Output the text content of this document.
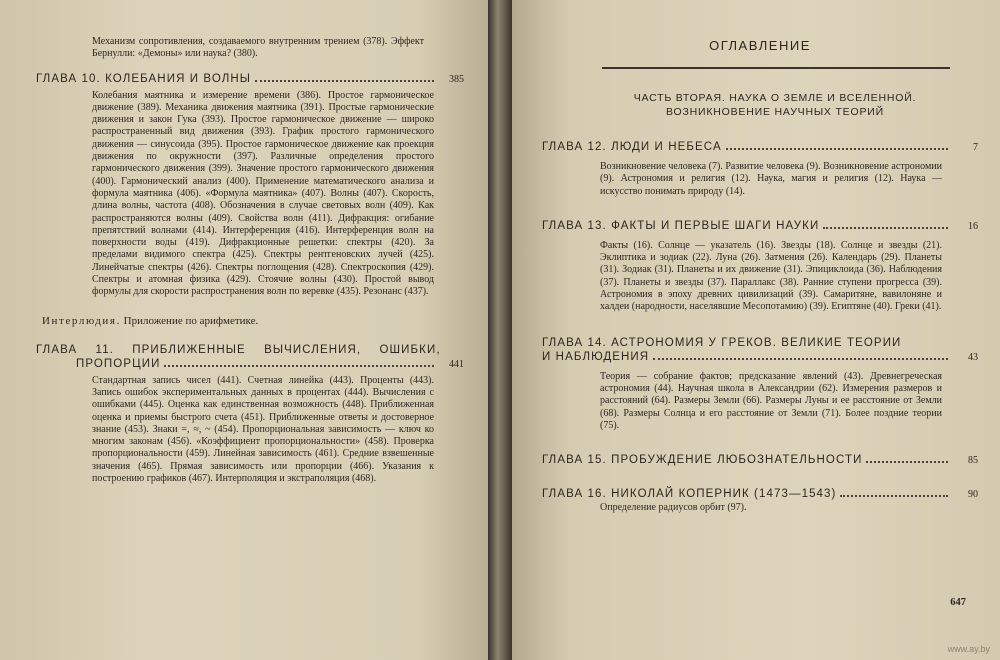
Механизм сопротивления, создаваемого внутренним трением (378). Эффект Бернулли: «Демоны» или наука? (380).
ГЛАВА 10. КОЛЕБАНИЯ И ВОЛНЫ	385
Колебания маятника и измерение времени (386). Простое гармоническое движение (389). Механика движения маятника (391). Простые гармонические движения и закон Гука (393). Простое гармоническое движение — широко распространенный вид движения (393). График простого гармонического движения — синусоида (395). Простое гармоническое движение как проекция движения по окружности (397). Различные определения простого гармонического движения (399). Значение простого гармонического движения (400). Гармонический анализ (400). Применение математического анализа и формула маятника (406). «Формула маятника» (407). Волны (407). Скорость, длина волны, частота (408). Обозначения в случае световых волн (409). Как распространяются волны (409). Свойства волн (411). Дифракция: огибание препятствий волнами (414). Интерференция (416). Интерференция волн на поверхности воды (419). Дифракционные решетки: спектры (420). За пределами видимого спектра (425). Спектры рентгеновских лучей (425). Линейчатые спектры (426). Спектры поглощения (428). Спектроскопия (429). Спектры и атомная физика (429). Стоячие волны (430). Простой вывод формулы для скорости распространения волн по веревке (435). Резонанс (437).
Интерлюдия. Приложение по арифметике.
ГЛАВА 11. ПРИБЛИЖЕННЫЕ ВЫЧИСЛЕНИЯ, ОШИБКИ,
ПРОПОРЦИИ	441
Стандартная запись чисел (441). Счетная линейка (443). Проценты (443). Запись ошибок экспериментальных данных в процентах (444). Вычисления с ошибками (445). Оценка как единственная возможность (448). Приближенная оценка и приемы быстрого счета (451). Приближенные ответы и достоверное знание (453). Знаки =, ≈, ~ (454). Пропорциональная зависимость — ключ ко многим законам (456). «Коэффициент пропорциональности» (458). Проверка пропорциональности (459). Линейная зависимость (461). Средние взвешенные значения (465). Прямая зависимость или пропорции (466). Указания к построению графиков (467). Интерполяция и экстраполяция (468).
ОГЛАВЛЕНИЕ
ЧАСТЬ ВТОРАЯ. НАУКА О ЗЕМЛЕ И ВСЕЛЕННОЙ. ВОЗНИКНОВЕНИЕ НАУЧНЫХ ТЕОРИЙ
ГЛАВА 12. ЛЮДИ И НЕБЕСА	7
Возникновение человека (7). Развитие человека (9). Возникновение астрономии (9). Астрономия и религия (12). Наука, магия и религия (12). Наука — искусство понимать природу (14).
ГЛАВА 13. ФАКТЫ И ПЕРВЫЕ ШАГИ НАУКИ	16
Факты (16). Солнце — указатель (16). Звезды (18). Солнце и звезды (21). Эклиптика и зодиак (22). Луна (26). Затмения (26). Календарь (29). Планеты (31). Зодиак (31). Планеты и их движение (31). Эпициклоида (36). Наблюдения (37). Планеты и звезды (37). Параллакс (38). Ранние ступени прогресса (39). Астрономия в эпоху древних цивилизаций (39). Самаритяне, вавилоняне и халдеи (народности, населявшие Месопотамию) (39). Египтяне (40). Греки (41).
ГЛАВА 14. АСТРОНОМИЯ У ГРЕКОВ. ВЕЛИКИЕ ТЕОРИИ
И НАБЛЮДЕНИЯ	43
Теория — собрание фактов; предсказание явлений (43). Древнегреческая астрономия (44). Научная школа в Александрии (62). Измерения размеров и расстояний (64). Размеры Земли (66). Размеры Луны и ее расстояние от Земли (68). Размеры Солнца и его расстояние от Земли (71). Более поздние теории (75).
ГЛАВА 15. ПРОБУЖДЕНИЕ ЛЮБОЗНАТЕЛЬНОСТИ	85
ГЛАВА 16. НИКОЛАЙ КОПЕРНИК (1473—1543)	90
Определение радиусов орбит (97).
647
www.ay.by
